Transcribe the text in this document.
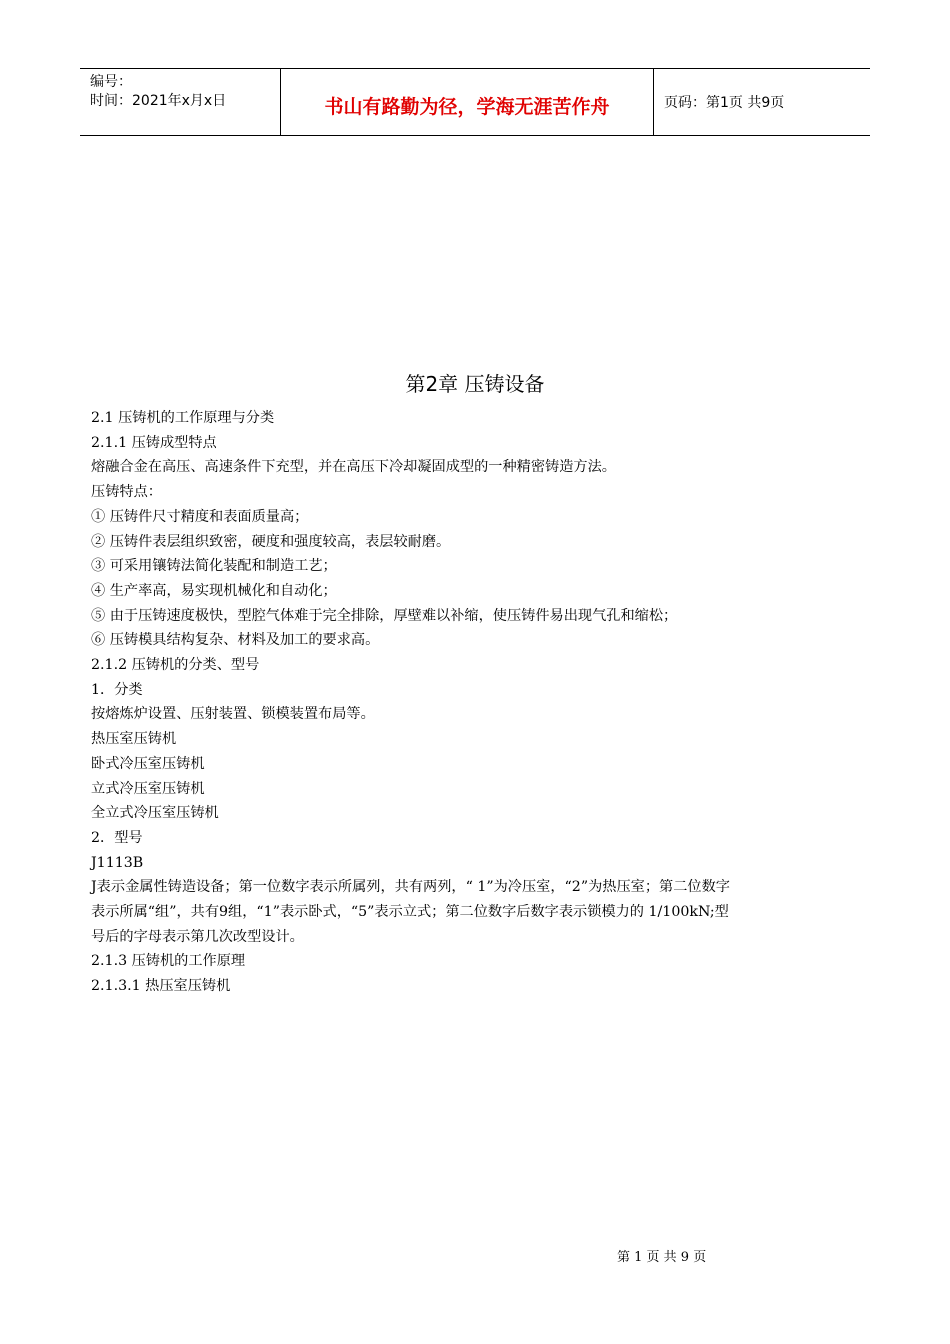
编号：
时间：2021年x月x日	书山有路勤为径，学海无涯苦作舟	页码：第1页 共9页
第2章 压铸设备

2.1 压铸机的工作原理与分类

2.1.1 压铸成型特点

熔融合金在高压、高速条件下充型，并在高压下冷却凝固成型的一种精密铸造方法。

压铸特点：

① 压铸件尺寸精度和表面质量高；

② 压铸件表层组织致密，硬度和强度较高，表层较耐磨。

③ 可采用镶铸法简化装配和制造工艺；

④ 生产率高，易实现机械化和自动化；

⑤ 由于压铸速度极快，型腔气体难于完全排除，厚壁难以补缩，使压铸件易出现气孔和缩松；

⑥ 压铸模具结构复杂、材料及加工的要求高。

2.1.2 压铸机的分类、型号

1．分类

按熔炼炉设置、压射装置、锁模装置布局等。

热压室压铸机

卧式冷压室压铸机

立式冷压室压铸机

全立式冷压室压铸机

2．型号

J1113B

J表示金属性铸造设备；第一位数字表示所属列，共有两列，“ 1”为冷压室，“2”为热压室；第二位数字

表示所属“组”，共有9组，“1”表示卧式，“5”表示立式；第二位数字后数字表示锁模力的 1/100kN;型

号后的字母表示第几次改型设计。

2.1.3 压铸机的工作原理

2.1.3.1 热压室压铸机

第 1 页 共 9 页
